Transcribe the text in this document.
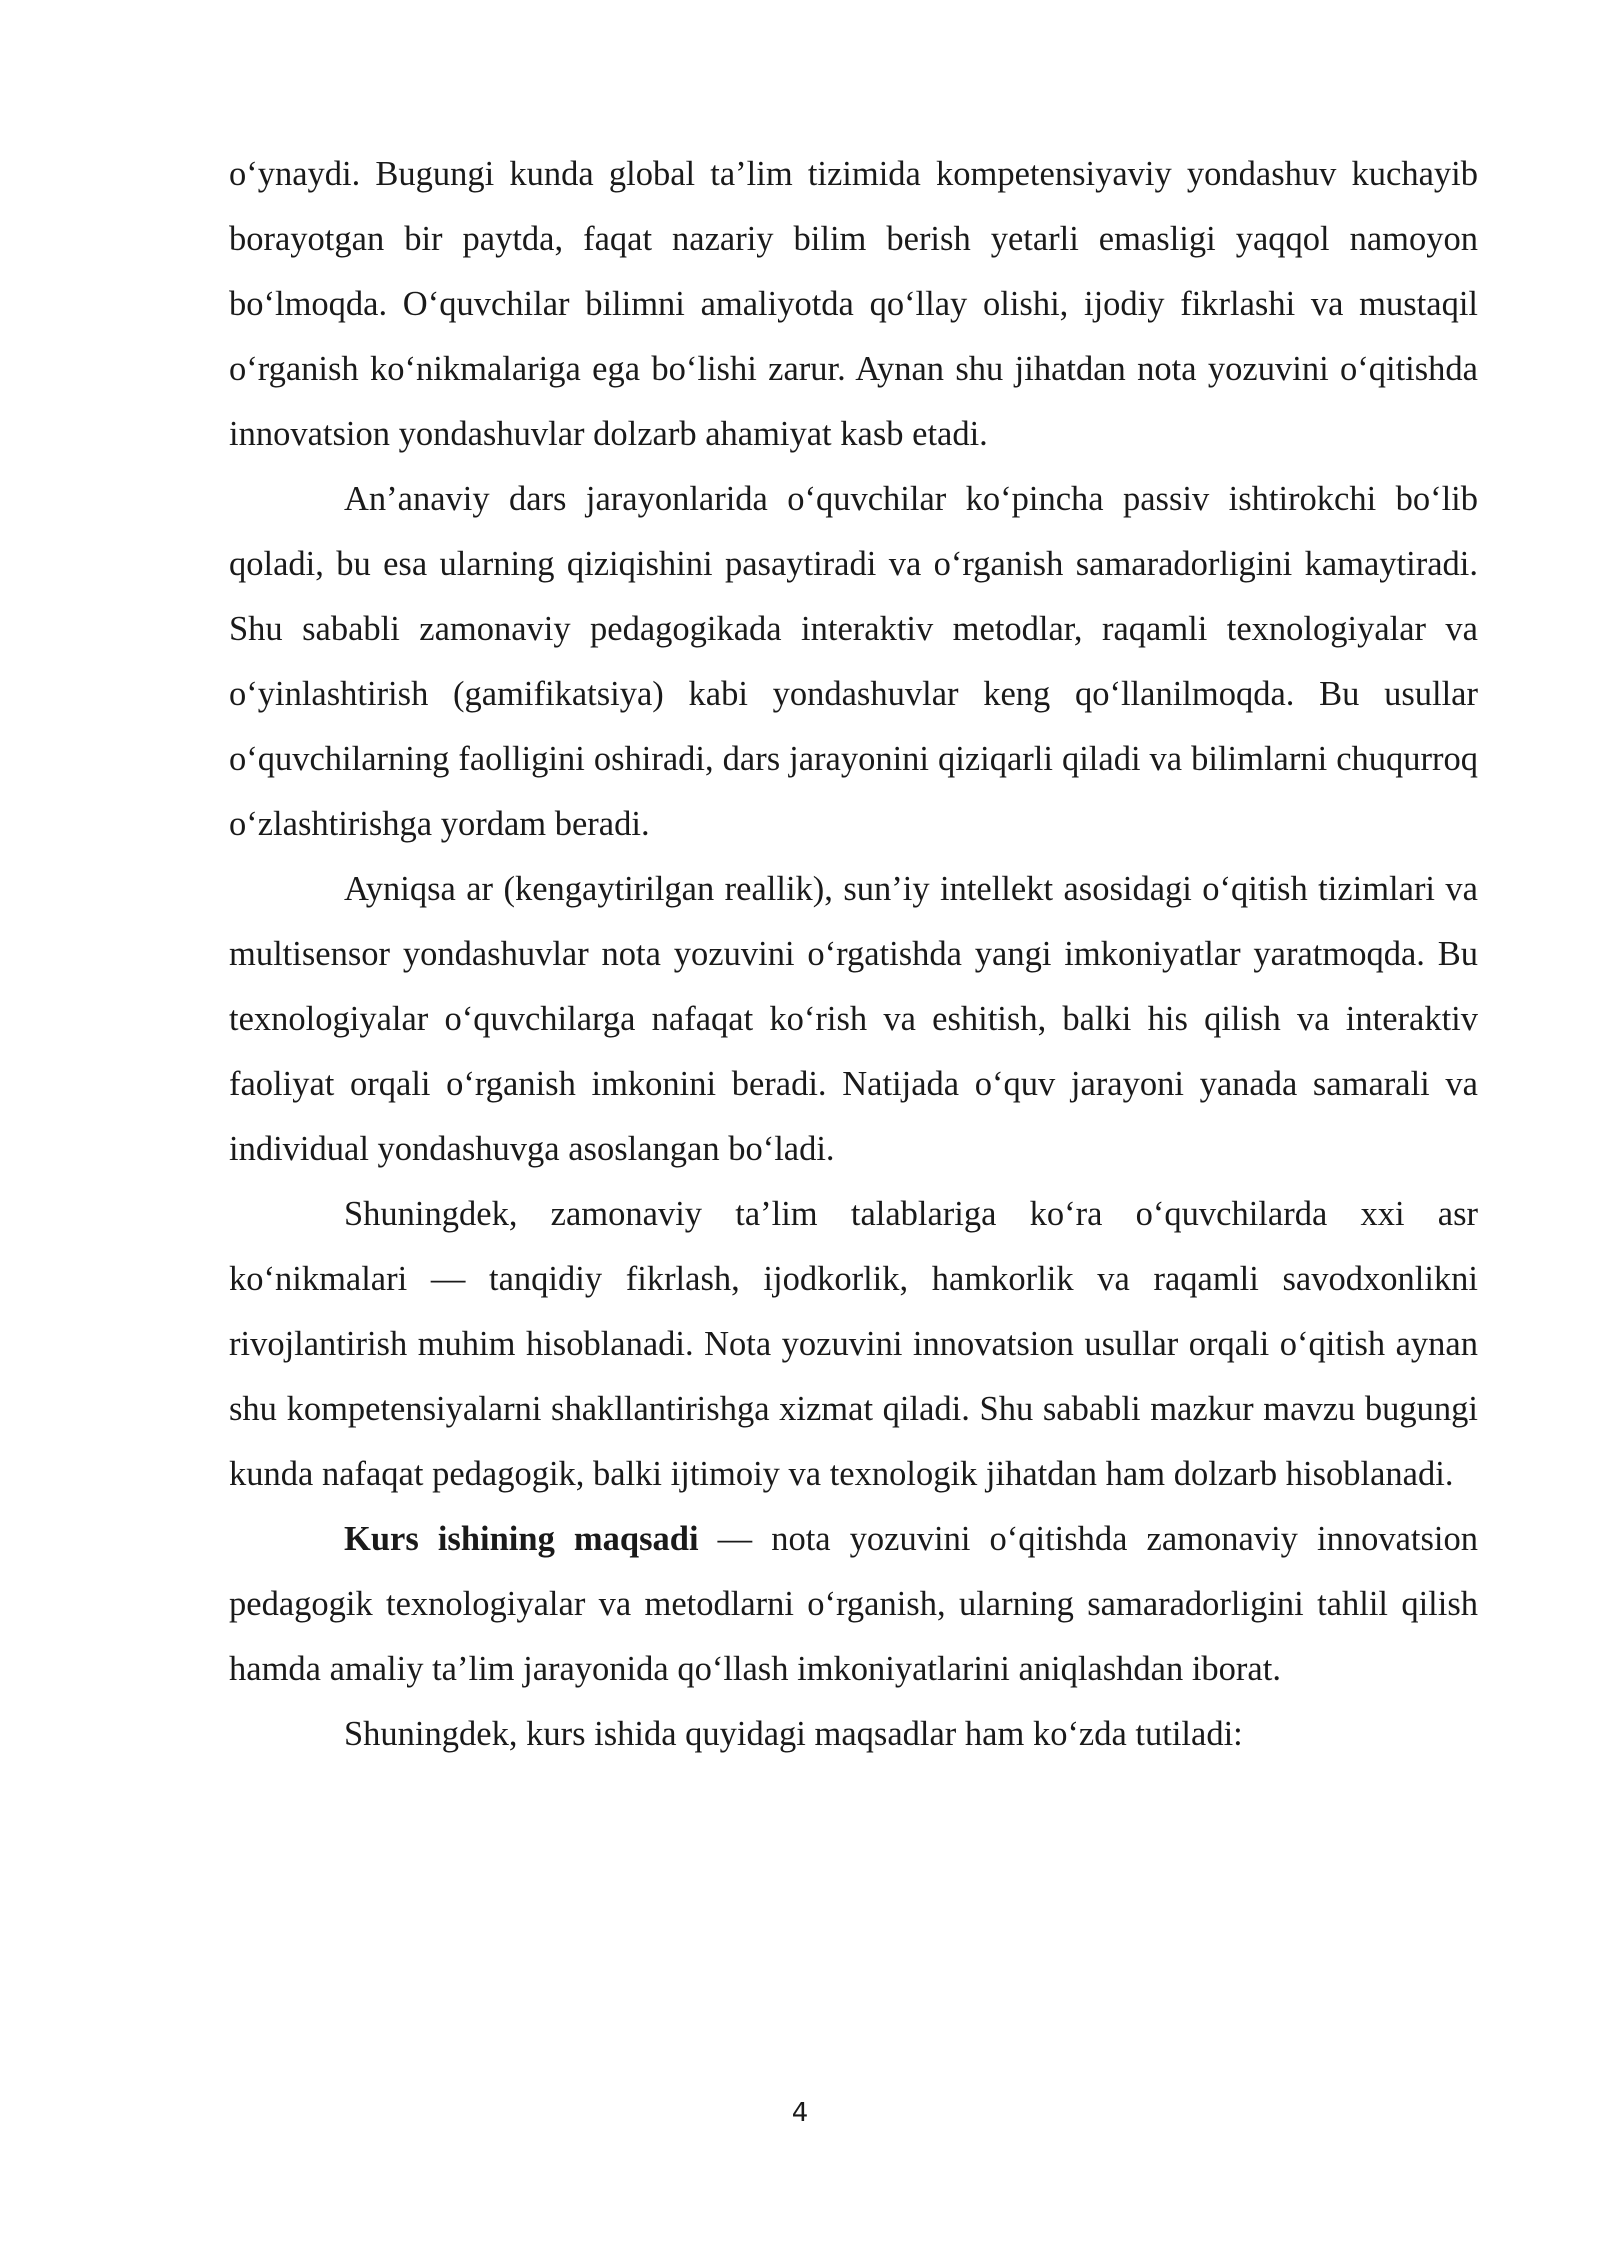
o‘ynaydi. Bugungi kunda global ta’lim tizimida kompetensiyaviy yondashuv kuchayib borayotgan bir paytda, faqat nazariy bilim berish yetarli emasligi yaqqol namoyon bo‘lmoqda. O‘quvchilar bilimni amaliyotda qo‘llay olishi, ijodiy fikrlashi va mustaqil o‘rganish ko‘nikmalariga ega bo‘lishi zarur. Aynan shu jihatdan nota yozuvini o‘qitishda innovatsion yondashuvlar dolzarb ahamiyat kasb etadi.

An’anaviy dars jarayonlarida o‘quvchilar ko‘pincha passiv ishtirokchi bo‘lib qoladi, bu esa ularning qiziqishini pasaytiradi va o‘rganish samaradorligini kamaytiradi. Shu sababli zamonaviy pedagogikada interaktiv metodlar, raqamli texnologiyalar va o‘yinlashtirish (gamifikatsiya) kabi yondashuvlar keng qo‘llanilmoqda. Bu usullar o‘quvchilarning faolligini oshiradi, dars jarayonini qiziqarli qiladi va bilimlarni chuqurroq o‘zlashtirishga yordam beradi.

Ayniqsa ar (kengaytirilgan reallik), sun’iy intellekt asosidagi o‘qitish tizimlari va multisensor yondashuvlar nota yozuvini o‘rgatishda yangi imkoniyatlar yaratmoqda. Bu texnologiyalar o‘quvchilarga nafaqat ko‘rish va eshitish, balki his qilish va interaktiv faoliyat orqali o‘rganish imkonini beradi. Natijada o‘quv jarayoni yanada samarali va individual yondashuvga asoslangan bo‘ladi.

Shuningdek, zamonaviy ta’lim talablariga ko‘ra o‘quvchilarda xxi asr ko‘nikmalari — tanqidiy fikrlash, ijodkorlik, hamkorlik va raqamli savodxonlikni rivojlantirish muhim hisoblanadi. Nota yozuvini innovatsion usullar orqali o‘qitish aynan shu kompetensiyalarni shakllantirishga xizmat qiladi. Shu sababli mazkur mavzu bugungi kunda nafaqat pedagogik, balki ijtimoiy va texnologik jihatdan ham dolzarb hisoblanadi.

Kurs ishining maqsadi — nota yozuvini o‘qitishda zamonaviy innovatsion pedagogik texnologiyalar va metodlarni o‘rganish, ularning samaradorligini tahlil qilish hamda amaliy ta’lim jarayonida qo‘llash imkoniyatlarini aniqlashdan iborat.

Shuningdek, kurs ishida quyidagi maqsadlar ham ko‘zda tutiladi:

4
